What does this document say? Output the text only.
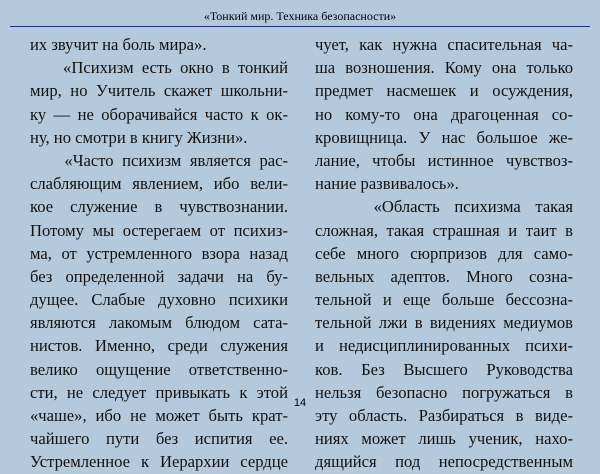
«Тонкий мир. Техника безопасности»
их звучит на боль мира».
«Психизм есть окно в тонкий
мир, но Учитель скажет школьни-
ку — не оборачивайся часто к ок-
ну, но смотри в книгу Жизни».
«Часто психизм является рас-
слабляющим явлением, ибо вели-
кое служение в чувствознании.
Потому мы остерегаем от психиз-
ма, от устремленного взора назад
без определенной задачи на бу-
дущее. Слабые духовно психики
являются лакомым блюдом сата-
нистов. Именно, среди служения
велико ощущение ответственно-
сти, не следует привыкать к этой
«чаше», ибо не может быть крат-
чайшего пути без испития ее.
Устремленное к Иерархии сердце
чует, как нужна спасительная ча-
ша возношения. Кому она только
предмет насмешек и осуждения,
но кому-то она драгоценная со-
кровищница. У нас большое же-
лание, чтобы истинное чувствоз-
нание развивалось».
«Область психизма такая
сложная, такая страшная и таит в
себе много сюрпризов для само-
вельных адептов. Много сознa-
тельной и еще больше бессозна-
тельной лжи в видениях медиумов
и недисциплинированных психи-
ков. Без Высшего Руководства
нельзя безопасно погружаться в
эту область. Разбираться в виде-
ниях может лишь ученик, нахо-
дящийся под непосредственным
14
